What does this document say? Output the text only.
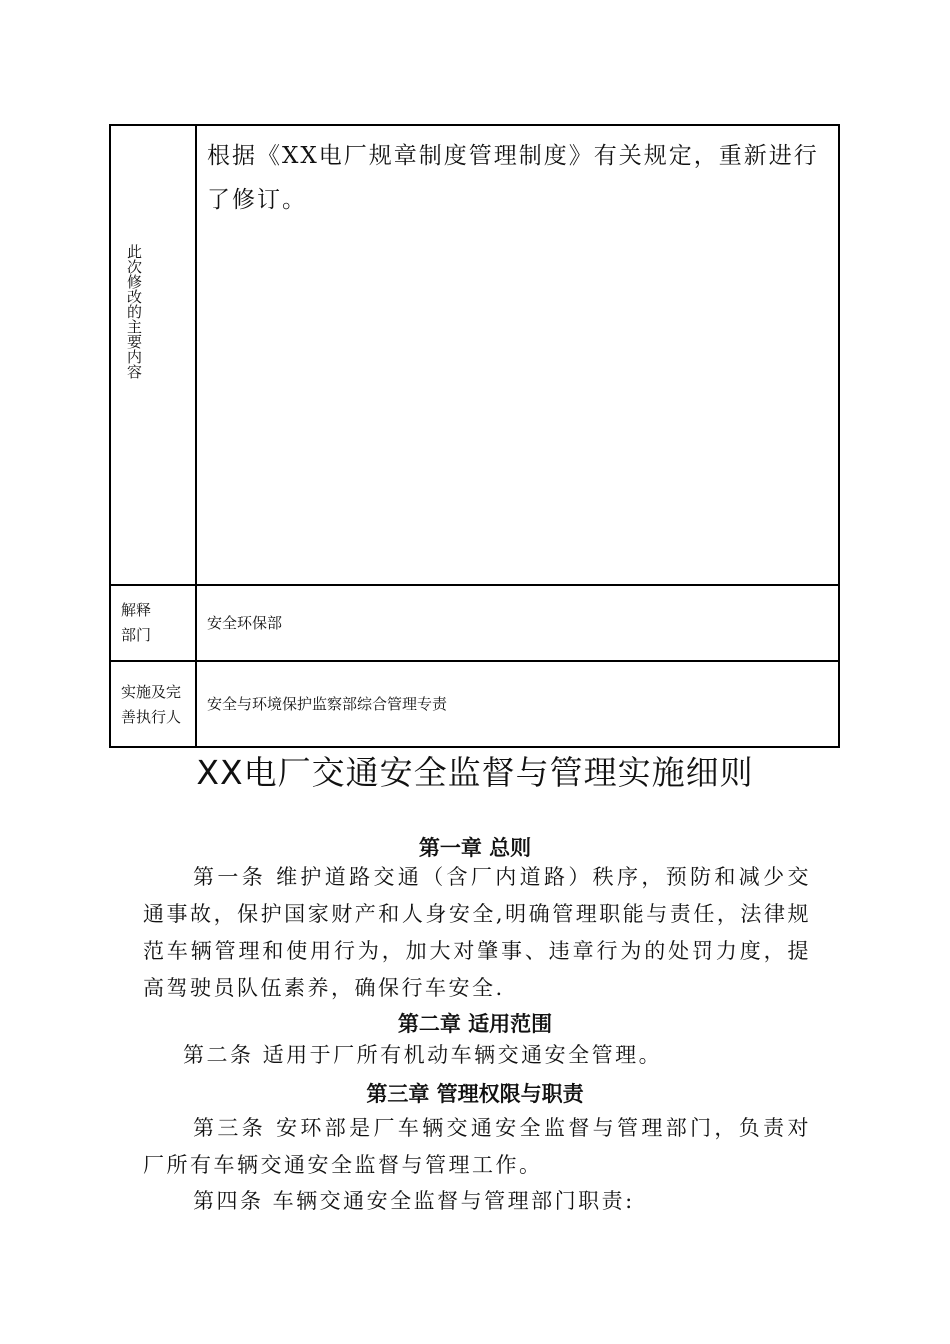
此次修改的主要内容	根据《XX电厂规章制度管理制度》有关规定，重新进行了修订。

解释部门	安全环保部

实施及完善执行人	安全与环境保护监察部综合管理专责
XX电厂交通安全监督与管理实施细则
第一章 总则

第一条 维护道路交通（含厂内道路）秩序，预防和减少交通事故，保护国家财产和人身安全,明确管理职能与责任，法律规范车辆管理和使用行为，加大对肇事、违章行为的处罚力度，提高驾驶员队伍素养，确保行车安全.

第二章 适用范围

第二条 适用于厂所有机动车辆交通安全管理。

第三章 管理权限与职责

第三条 安环部是厂车辆交通安全监督与管理部门，负责对厂所有车辆交通安全监督与管理工作。

第四条 车辆交通安全监督与管理部门职责:
